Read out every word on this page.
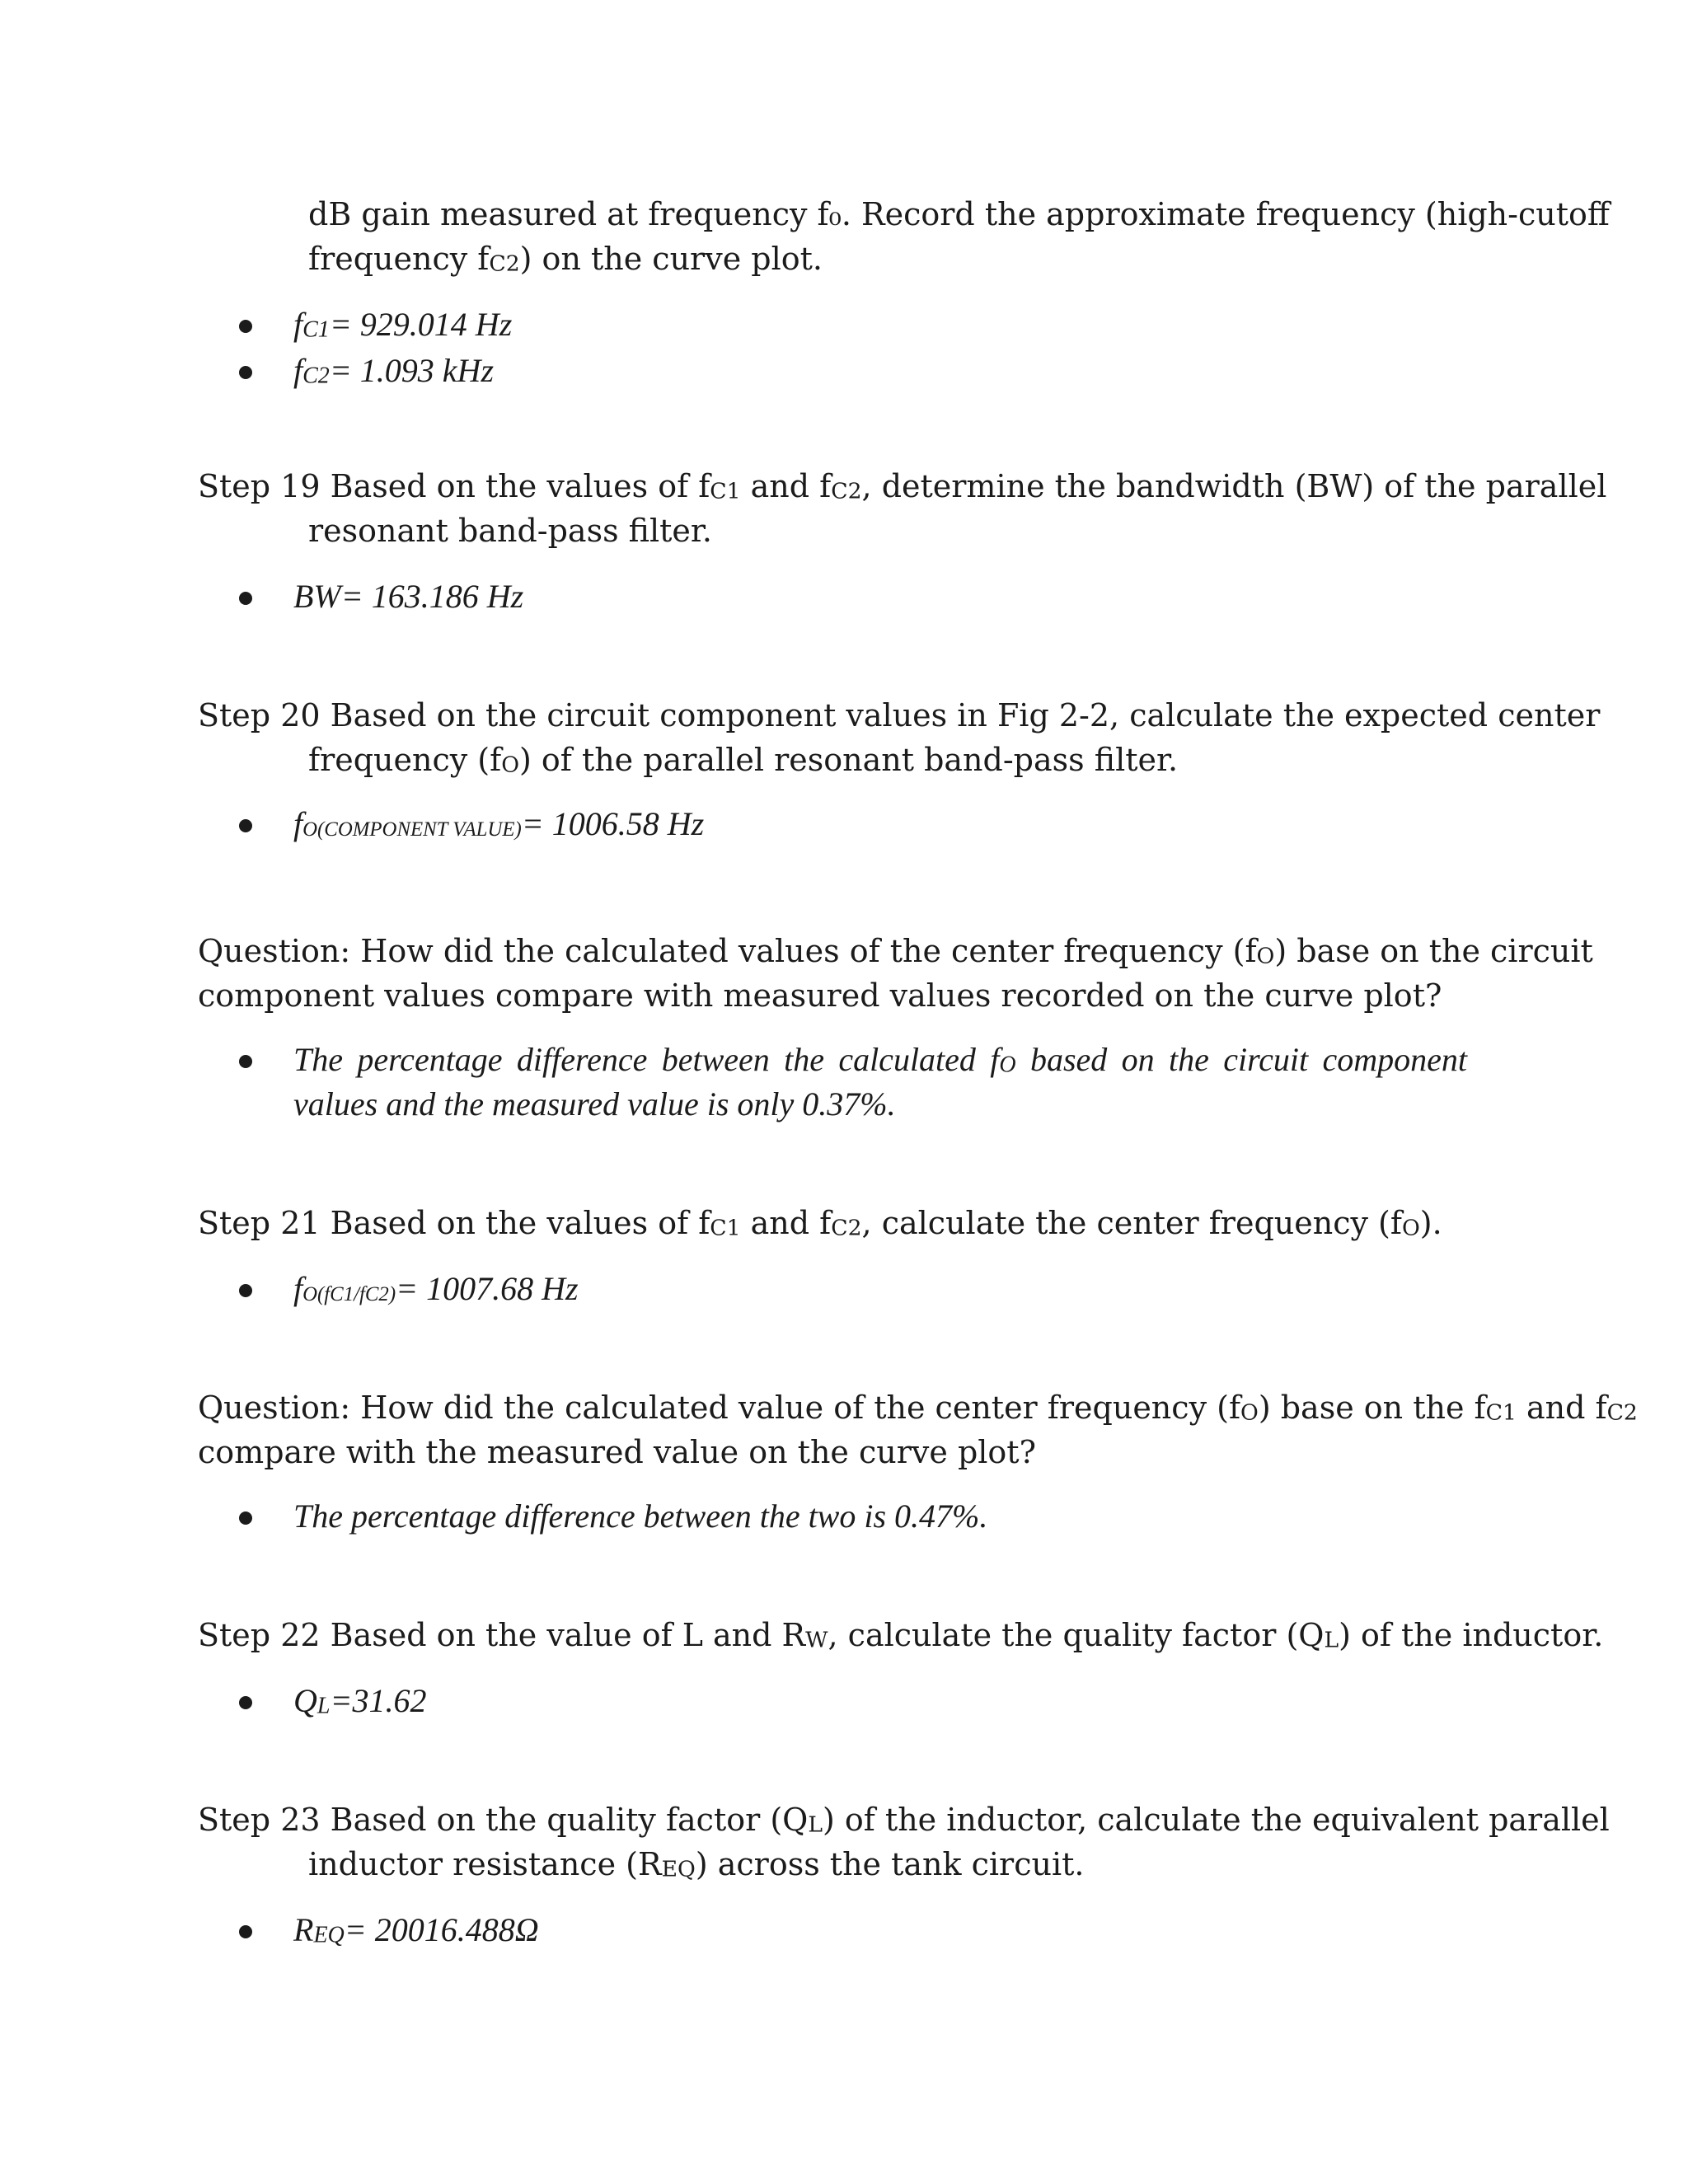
dB gain measured at frequency f₀. Record the approximate frequency (high-cutoff
frequency fC2) on the curve plot.
fC1= 929.014 Hz
fC2= 1.093 kHz
Step 19 Based on the values of fC1 and fC2, determine the bandwidth (BW) of the parallel
resonant band-pass filter.
BW= 163.186 Hz
Step 20 Based on the circuit component values in Fig 2-2, calculate the expected center
frequency (fO) of the parallel resonant band-pass filter.
fO(COMPONENT VALUE)= 1006.58 Hz
Question: How did the calculated values of the center frequency (fO) base on the circuit
component values compare with measured values recorded on the curve plot?
The percentage difference between the calculated fO based on the circuit component
values and the measured value is only 0.37%.
Step 21 Based on the values of fC1 and fC2, calculate the center frequency (fO).
fO(fC1/fC2)= 1007.68 Hz
Question: How did the calculated value of the center frequency (fO) base on the fC1 and fC2
compare with the measured value on the curve plot?
The percentage difference between the two is 0.47%.
Step 22 Based on the value of L and RW, calculate the quality factor (QL) of the inductor.
QL=31.62
Step 23 Based on the quality factor (QL) of the inductor, calculate the equivalent parallel
inductor resistance (REQ) across the tank circuit.
REQ= 20016.488Ω
